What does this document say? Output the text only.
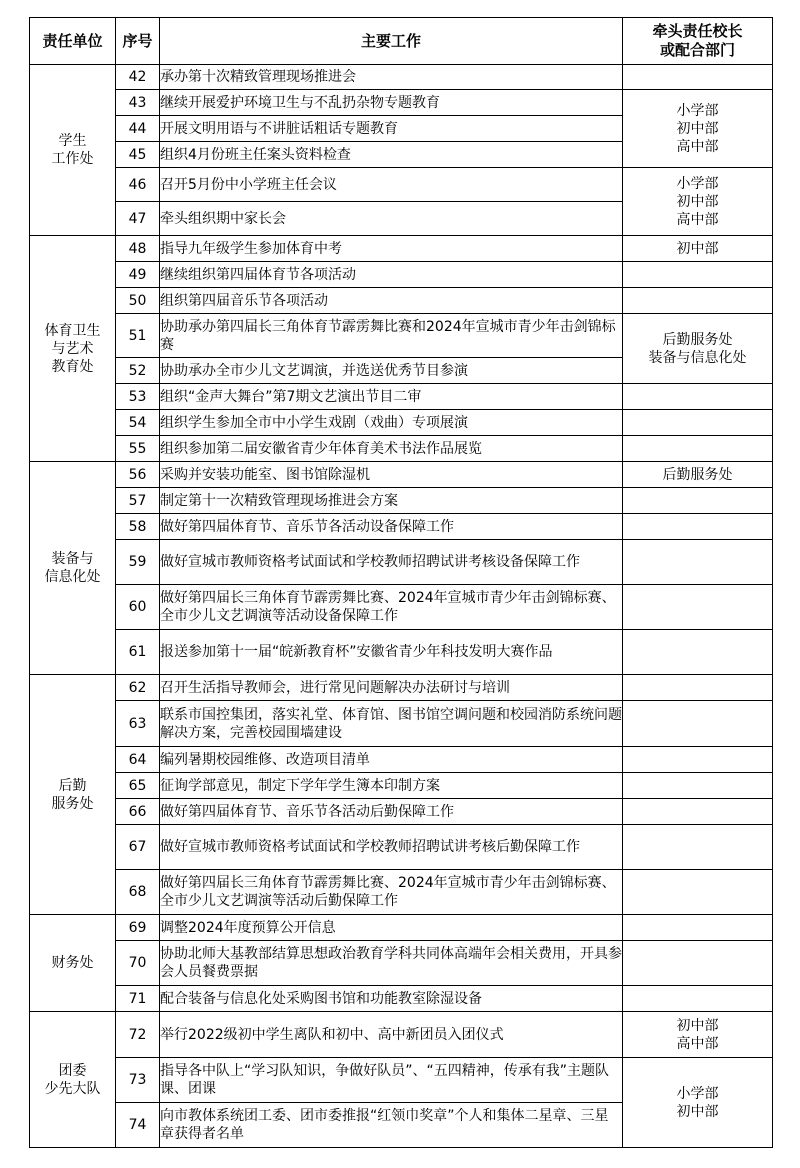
责任单位	序号	主要工作	牵头责任校长
或配合部门
学生
工作处	42	承办第十次精致管理现场推进会	
	43	继续开展爱护环境卫生与不乱扔杂物专题教育	小学部
初中部
高中部
	44	开展文明用语与不讲脏话粗话专题教育	
	45	组织4月份班主任案头资料检查	
	46	召开5月份中小学班主任会议	小学部
初中部
高中部
	47	牵头组织期中家长会	
体育卫生
与艺术
教育处	48	指导九年级学生参加体育中考	初中部
	49	继续组织第四届体育节各项活动	
	50	组织第四届音乐节各项活动	
	51	协助承办第四届长三角体育节霹雳舞比赛和2024年宣城市青少年击剑锦标赛	后勤服务处
装备与信息化处
	52	协助承办全市少儿文艺调演，并选送优秀节目参演	
	53	组织“金声大舞台”第7期文艺演出节目二审	
	54	组织学生参加全市中小学生戏剧（戏曲）专项展演	
	55	组织参加第二届安徽省青少年体育美术书法作品展览	
装备与
信息化处	56	采购并安装功能室、图书馆除湿机	后勤服务处
	57	制定第十一次精致管理现场推进会方案	
	58	做好第四届体育节、音乐节各活动设备保障工作	
	59	做好宣城市教师资格考试面试和学校教师招聘试讲考核设备保障工作	
	60	做好第四届长三角体育节霹雳舞比赛、2024年宣城市青少年击剑锦标赛、全市少儿文艺调演等活动设备保障工作	
	61	报送参加第十一届“皖新教育杯”安徽省青少年科技发明大赛作品	
后勤
服务处	62	召开生活指导教师会，进行常见问题解决办法研讨与培训	
	63	联系市国控集团，落实礼堂、体育馆、图书馆空调问题和校园消防系统问题解决方案，完善校园围墙建设	
	64	编列暑期校园维修、改造项目清单	
	65	征询学部意见，制定下学年学生簿本印制方案	
	66	做好第四届体育节、音乐节各活动后勤保障工作	
	67	做好宣城市教师资格考试面试和学校教师招聘试讲考核后勤保障工作	
	68	做好第四届长三角体育节霹雳舞比赛、2024年宣城市青少年击剑锦标赛、全市少儿文艺调演等活动后勤保障工作	
财务处	69	调整2024年度预算公开信息	
	70	协助北师大基教部结算思想政治教育学科共同体高端年会相关费用，开具参会人员餐费票据	
	71	配合装备与信息化处采购图书馆和功能教室除湿设备	
团委
少先大队	72	举行2022级初中学生离队和初中、高中新团员入团仪式	初中部
高中部
	73	指导各中队上“学习队知识，争做好队员”、“五四精神，传承有我”主题队课、团课	小学部
初中部
	74	向市教体系统团工委、团市委推报“红领巾奖章”个人和集体二星章、三星章获得者名单	
